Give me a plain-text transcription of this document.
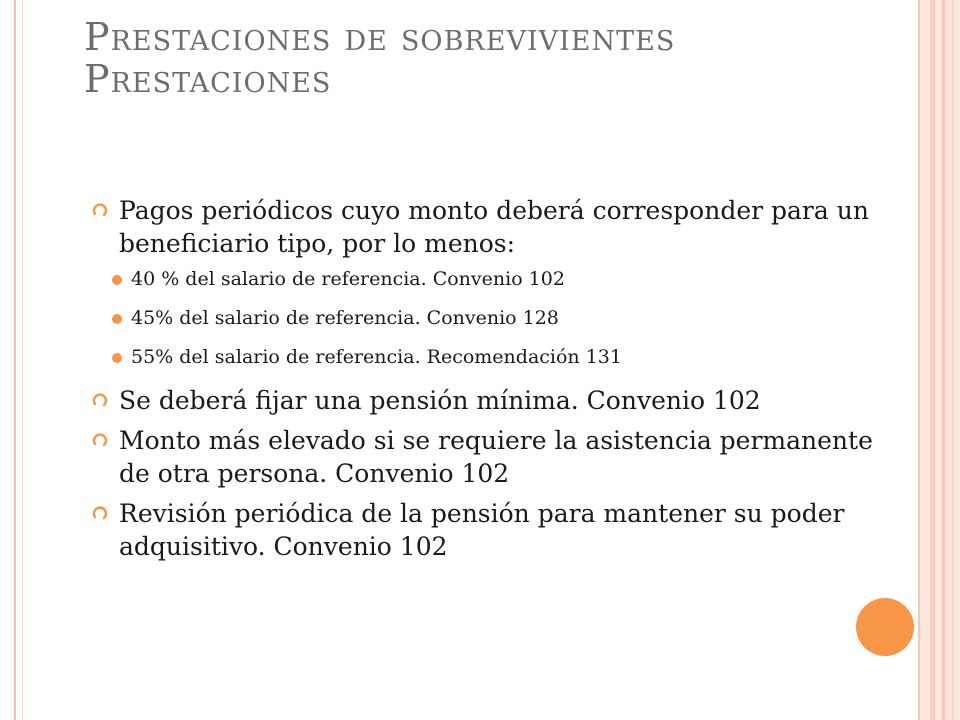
Prestaciones de sobrevivientes
Prestaciones
Pagos periódicos cuyo monto deberá corresponder para un beneficiario tipo, por lo menos:
40 % del salario de referencia. Convenio 102
45% del salario de referencia. Convenio 128
55% del salario de referencia. Recomendación 131
Se deberá fijar una pensión mínima. Convenio 102
Monto más elevado si se requiere la asistencia permanente de otra persona. Convenio 102
Revisión periódica de la pensión para mantener su poder adquisitivo. Convenio 102
